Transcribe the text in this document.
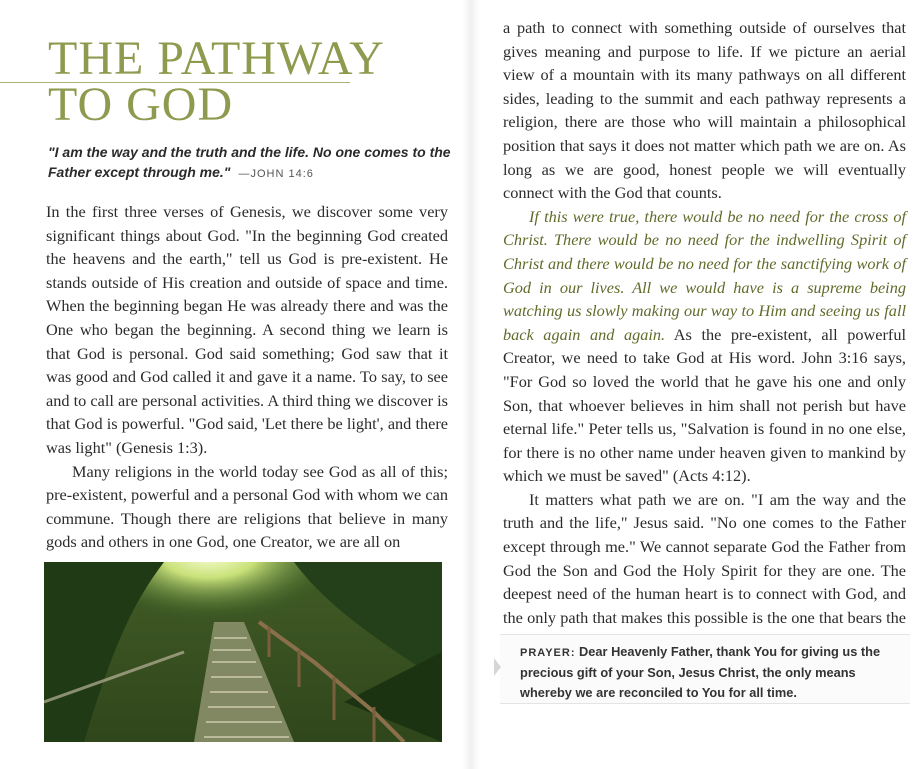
THE PATHWAY
TO GOD
"I am the way and the truth and the life. No one comes to the Father except through me." —JOHN 14:6

In the first three verses of Genesis, we discover some very significant things about God. "In the beginning God created the heavens and the earth," tell us God is pre-existent. He stands outside of His creation and outside of space and time. When the beginning began He was already there and was the One who began the beginning. A second thing we learn is that God is personal. God said something; God saw that it was good and God called it and gave it a name. To say, to see and to call are personal activities. A third thing we discover is that God is powerful. "God said, 'Let there be light', and there was light" (Genesis 1:3).

Many religions in the world today see God as all of this; pre-existent, powerful and a personal God with whom we can commune. Though there are religions that believe in many gods and others in one God, one Creator, we are all on

a path to connect with something outside of ourselves that gives meaning and purpose to life. If we picture an aerial view of a mountain with its many pathways on all different sides, leading to the summit and each pathway represents a religion, there are those who will maintain a philosophical position that says it does not matter which path we are on. As long as we are good, honest people we will eventually connect with the God that counts.

If this were true, there would be no need for the cross of Christ. There would be no need for the indwelling Spirit of Christ and there would be no need for the sanctifying work of God in our lives. All we would have is a supreme being watching us slowly making our way to Him and seeing us fall back again and again. As the pre-existent, all powerful Creator, we need to take God at His word. John 3:16 says, "For God so loved the world that he gave his one and only Son, that whoever believes in him shall not perish but have eternal life." Peter tells us, "Salvation is found in no one else, for there is no other name under heaven given to mankind by which we must be saved" (Acts 4:12).

It matters what path we are on. "I am the way and the truth and the life," Jesus said. "No one comes to the Father except through me." We cannot separate God the Father from God the Son and God the Holy Spirit for they are one. The deepest need of the human heart is to connect with God, and the only path that makes this possible is the one that bears the

PRAYER: Dear Heavenly Father, thank You for giving us the precious gift of your Son, Jesus Christ, the only means whereby we are reconciled to You for all time.
